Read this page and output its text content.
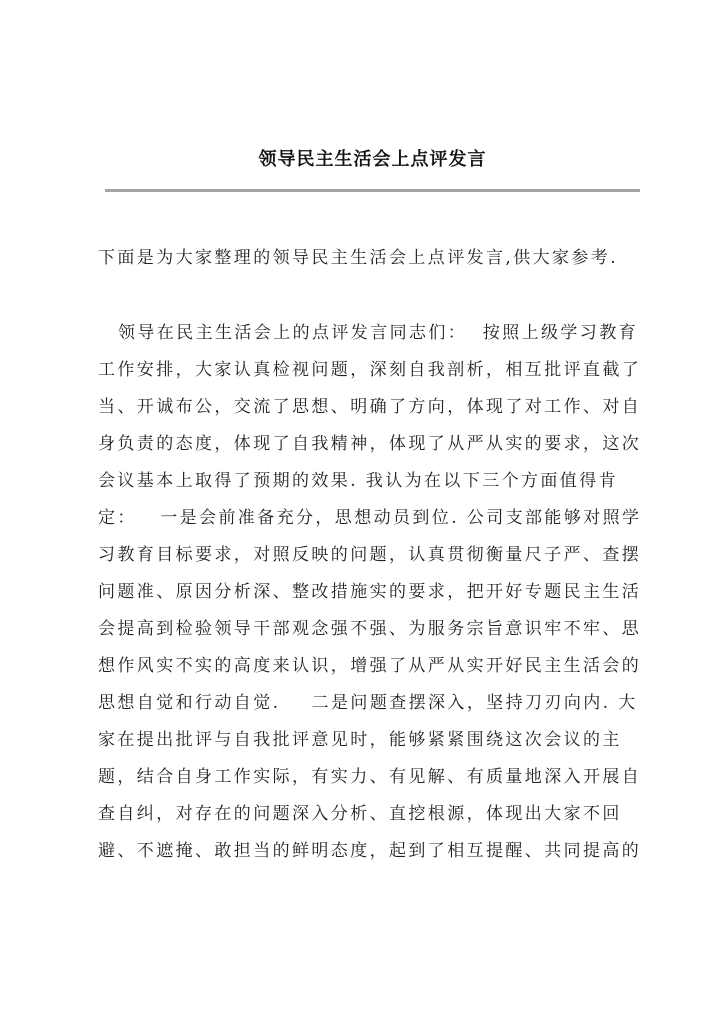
领导民主生活会上点评发言

下面是为大家整理的领导民主生活会上点评发言,供大家参考.

领导在民主生活会上的点评发言同志们：  按照上级学习教育
工作安排，大家认真检视问题，深刻自我剖析，相互批评直截了
当、开诚布公，交流了思想、明确了方向，体现了对工作、对自
身负责的态度，体现了自我精神，体现了从严从实的要求，这次
会议基本上取得了预期的效果. 我认为在以下三个方面值得肯
定：   一是会前准备充分，思想动员到位. 公司支部能够对照学
习教育目标要求，对照反映的问题，认真贯彻衡量尺子严、查摆
问题准、原因分析深、整改措施实的要求，把开好专题民主生活
会提高到检验领导干部观念强不强、为服务宗旨意识牢不牢、思
想作风实不实的高度来认识，增强了从严从实开好民主生活会的
思想自觉和行动自觉.    二是问题查摆深入，坚持刀刃向内. 大
家在提出批评与自我批评意见时，能够紧紧围绕这次会议的主
题，结合自身工作实际，有实力、有见解、有质量地深入开展自
查自纠，对存在的问题深入分析、直挖根源，体现出大家不回
避、不遮掩、敢担当的鲜明态度，起到了相互提醒、共同提高的
